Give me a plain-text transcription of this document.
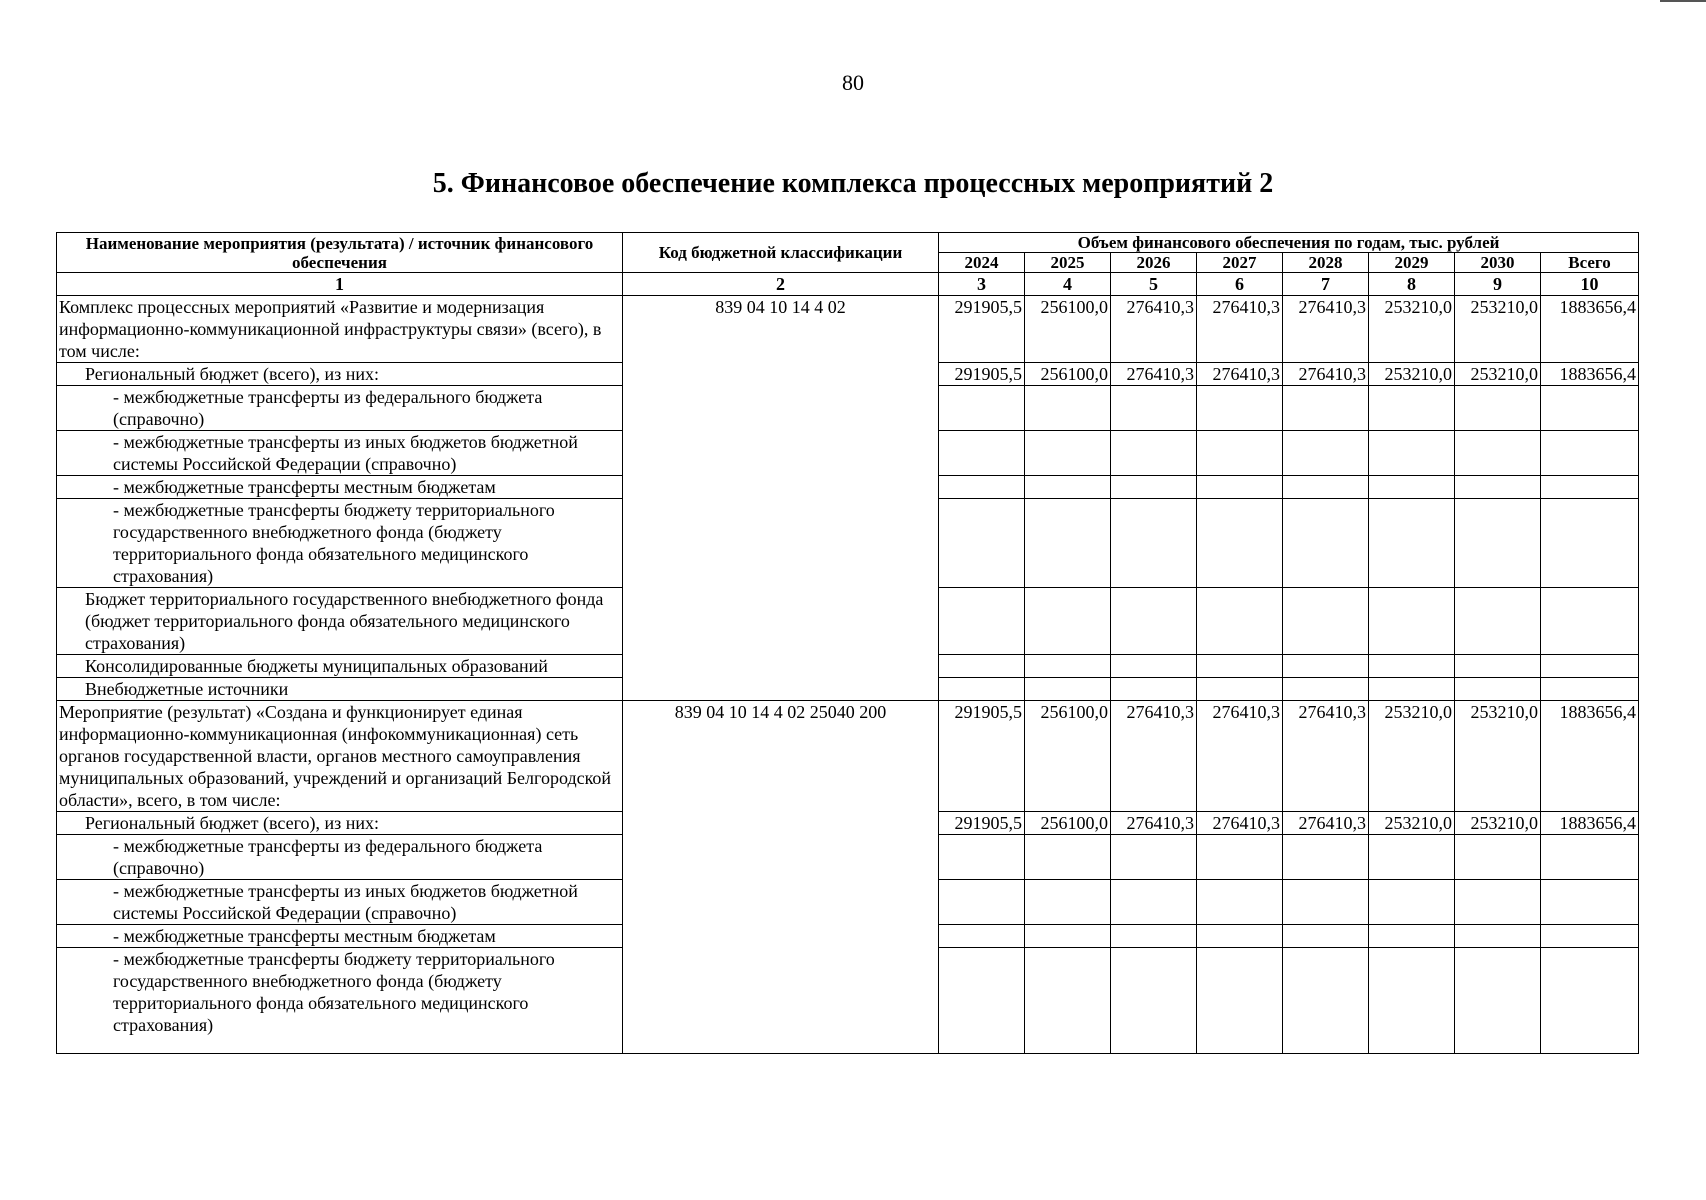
80
5. Финансовое обеспечение комплекса процессных мероприятий 2
Наименование мероприятия (результата) / источник финансового обеспечения	Код бюджетной классификации	Объем финансового обеспечения по годам, тыс. рублей							
		2024	2025	2026	2027	2028	2029	2030	Всего
1	2	3	4	5	6	7	8	9	10
Комплекс процессных мероприятий «Развитие и модернизация информационно-коммуникационной инфраструктуры связи» (всего), в том числе:	839 04 10 14 4 02	291905,5	256100,0	276410,3	276410,3	276410,3	253210,0	253210,0	1883656,4
Региональный бюджет (всего), из них:		291905,5	256100,0	276410,3	276410,3	276410,3	253210,0	253210,0	1883656,4
- межбюджетные трансферты из федерального бюджета (справочно)									
- межбюджетные трансферты из иных бюджетов бюджетной системы Российской Федерации (справочно)									
- межбюджетные трансферты местным бюджетам									
- межбюджетные трансферты бюджету территориального государственного внебюджетного фонда (бюджету территориального фонда обязательного медицинского страхования)									
Бюджет территориального государственного внебюджетного фонда (бюджет территориального фонда обязательного медицинского страхования)									
Консолидированные бюджеты муниципальных образований									
Внебюджетные источники									
Мероприятие (результат) «Создана и функционирует единая информационно-коммуникационная (инфокоммуникационная) сеть органов государственной власти, органов местного самоуправления муниципальных образований, учреждений и организаций Белгородской области», всего, в том числе:	839 04 10 14 4 02 25040 200	291905,5	256100,0	276410,3	276410,3	276410,3	253210,0	253210,0	1883656,4
Региональный бюджет (всего), из них:		291905,5	256100,0	276410,3	276410,3	276410,3	253210,0	253210,0	1883656,4
- межбюджетные трансферты из федерального бюджета (справочно)									
- межбюджетные трансферты из иных бюджетов бюджетной системы Российской Федерации (справочно)									
- межбюджетные трансферты местным бюджетам									
- межбюджетные трансферты бюджету территориального государственного внебюджетного фонда (бюджету территориального фонда обязательного медицинского страхования)									
